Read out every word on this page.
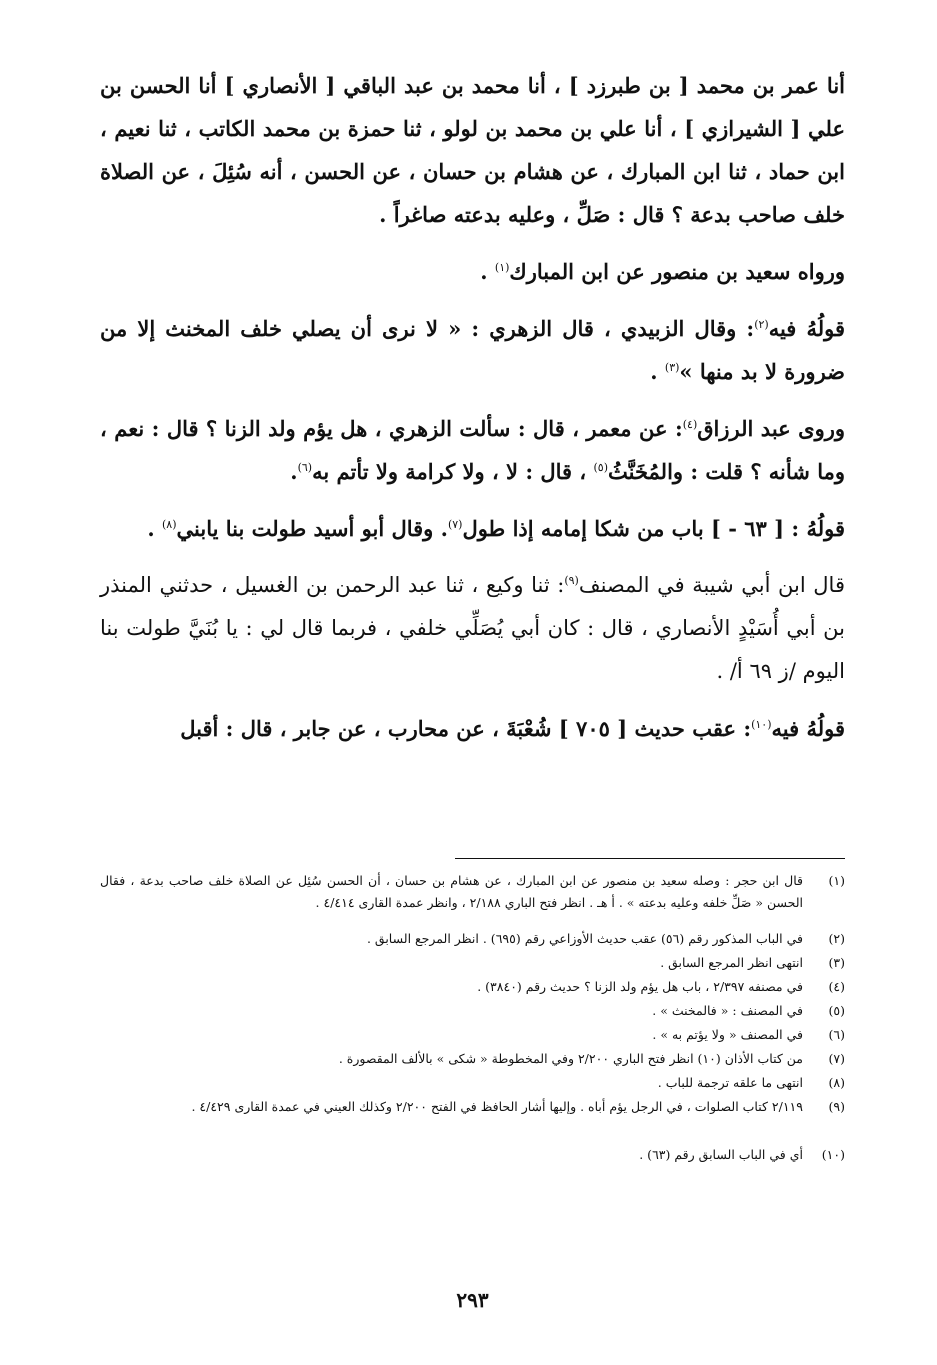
أنا عمر بن محمد [ بن طبرزد ] ، أنا محمد بن عبد الباقي [ الأنصاري ] أنا الحسن بن علي [ الشيرازي ] ، أنا علي بن محمد بن لولو ، ثنا حمزة بن محمد الكاتب ، ثنا نعيم ، ابن حماد ، ثنا ابن المبارك ، عن هشام بن حسان ، عن الحسن ، أنه سُئِلَ ، عن الصلاة خلف صاحب بدعة ؟ قال : صَلِّ ، وعليه بدعته صاغراً .

ورواه سعيد بن منصور عن ابن المبارك$^{(١)}$ .

قولُهُ فيه$^{(٢)}$: وقال الزبيدي ، قال الزهري : « لا نرى أن يصلي خلف المخنث إلا من ضرورة لا بد منها »$^{(٣)}$ .

وروى عبد الرزاق$^{(٤)}$: عن معمر ، قال : سألت الزهري ، هل يؤم ولد الزنا ؟ قال : نعم ، وما شأنه ؟ قلت : والمُخَنَّثُ$^{(٥)}$ ، قال : لا ، ولا كرامة ولا تأتم به$^{(٦)}$.

قولُهُ : [ ٦٣ - ] باب من شكا إمامه إذا طول$^{(٧)}$. وقال أبو أسيد طولت بنا يابني$^{(٨)}$ .

قال ابن أبي شيبة في المصنف$^{(٩)}$: ثنا وكيع ، ثنا عبد الرحمن بن الغسيل ، حدثني المنذر بن أبي أُسَيْدٍ الأنصاري ، قال : كان أبي يُصَلِّي خلفي ، فربما قال لي : يا بُنَيَّ طولت بنا اليوم /ز ٦٩ أ/ .

قولُهُ فيه$^{(١٠)}$: عقب حديث [ ٧٠٥ ] شُعْبَةَ ، عن محارب ، عن جابر ، قال : أقبل

(١)
قال ابن حجر : وصله سعيد بن منصور عن ابن المبارك ، عن هشام بن حسان ، أن الحسن سُئِل عن الصلاة خلف صاحب بدعة ، فقال الحسن « صَلِّ خلفه وعليه بدعته » . أ هـ . انظر فتح الباري ٢/١٨٨ ، وانظر عمدة القارى ٤/٤١٤ .
(٢)
في الباب المذكور رقم (٥٦) عقب حديث الأوزاعي رقم (٦٩٥) . انظر المرجع السابق .
(٣)
انتهى انظر المرجع السابق .
(٤)
في مصنفه ٢/٣٩٧ ، باب هل يؤم ولد الزنا ؟ حديث رقم (٣٨٤٠) .
(٥)
في المصنف : « فالمخنث » .
(٦)
في المصنف « ولا يؤتم به » .
(٧)
من كتاب الأذان (١٠) انظر فتح الباري ٢/٢٠٠ وفي المخطوطة « شكى » بالألف المقصورة .
(٨)
انتهى ما علقه ترجمة للباب .
(٩)
٢/١١٩ كتاب الصلوات ، في الرجل يؤم أباه . وإليها أشار الحافظ في الفتح ٢/٢٠٠ وكذلك العيني في عمدة القارى ٤/٤٢٩ .
(١٠)
أي في الباب السابق رقم (٦٣) .
٢٩٣
